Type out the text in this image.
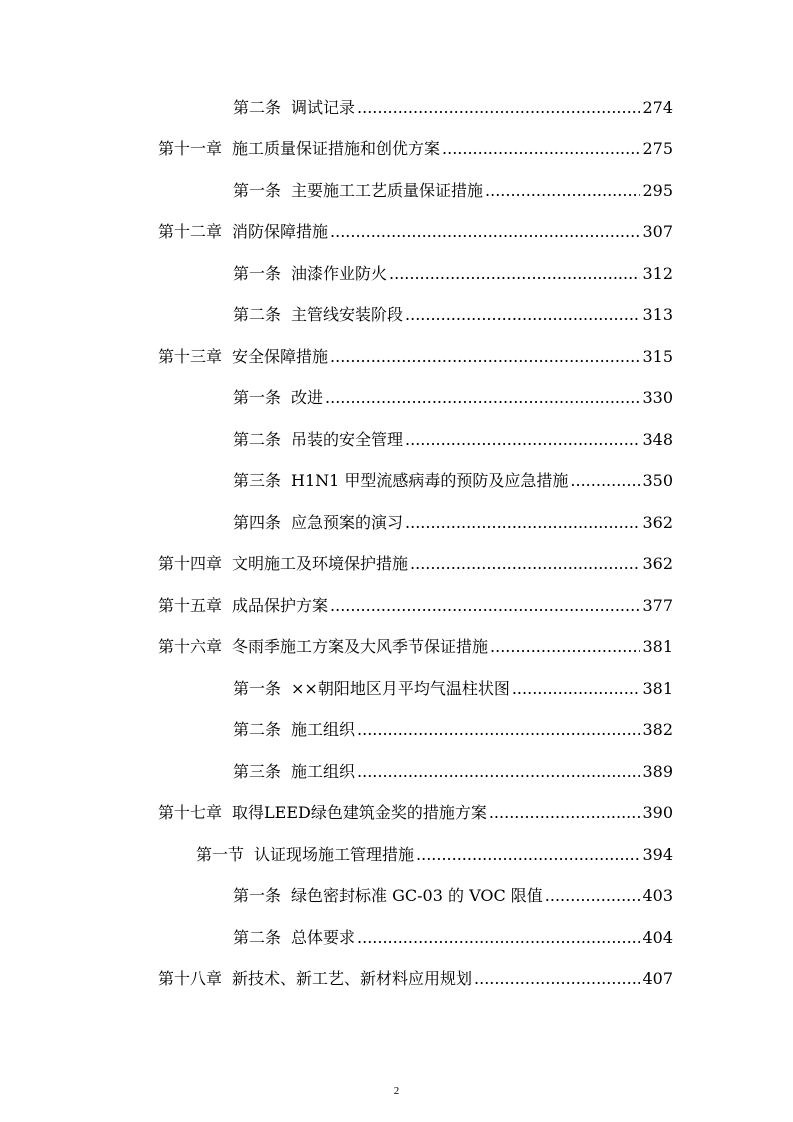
第二条 调试记录 .....	274
第十一章 施工质量保证措施和创优方案 .....	275
第一条 主要施工工艺质量保证措施 .....	295
第十二章 消防保障措施 .....	307
第一条 油漆作业防火 .....	312
第二条 主管线安装阶段 .....	313
第十三章 安全保障措施 .....	315
第一条 改进 .....	330
第二条 吊装的安全管理 .....	348
第三条 H1N1 甲型流感病毒的预防及应急措施 .....	350
第四条 应急预案的演习 .....	362
第十四章 文明施工及环境保护措施 .....	362
第十五章 成品保护方案 .....	377
第十六章 冬雨季施工方案及大风季节保证措施 .....	381
第一条 ××朝阳地区月平均气温柱状图 .....	381
第二条 施工组织 .....	382
第三条 施工组织 .....	389
第十七章 取得LEED绿色建筑金奖的措施方案 .....	390
第一节 认证现场施工管理措施 .....	394
第一条 绿色密封标准 GC-03 的 VOC 限值 .....	403
第二条 总体要求 .....	404
第十八章 新技术、新工艺、新材料应用规划 .....	407
2
